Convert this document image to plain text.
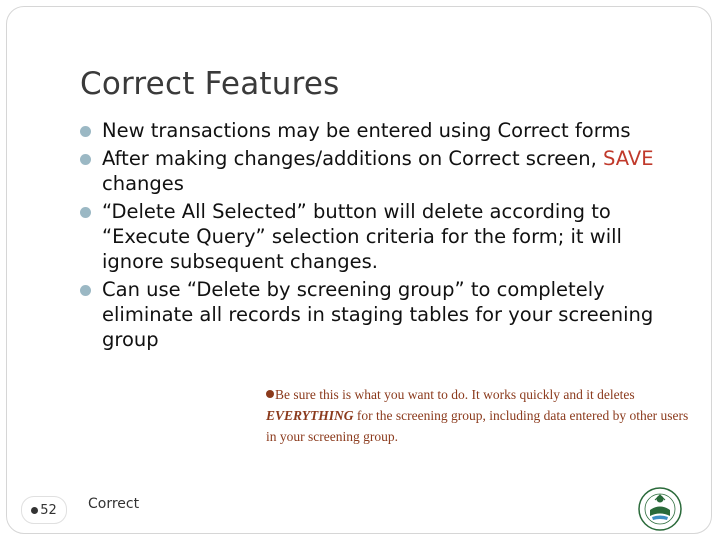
Correct Features
New transactions may be entered using Correct forms
After making changes/additions on Correct screen, SAVE changes
“Delete All Selected” button will delete according to “Execute Query” selection criteria for the form; it will ignore subsequent changes.
Can use “Delete by screening group” to completely eliminate all records in staging tables for your screening group
Be sure this is what you want to do. It works quickly and it deletes EVERYTHING for the screening group, including data entered by other users in your screening group.
52 Correct
